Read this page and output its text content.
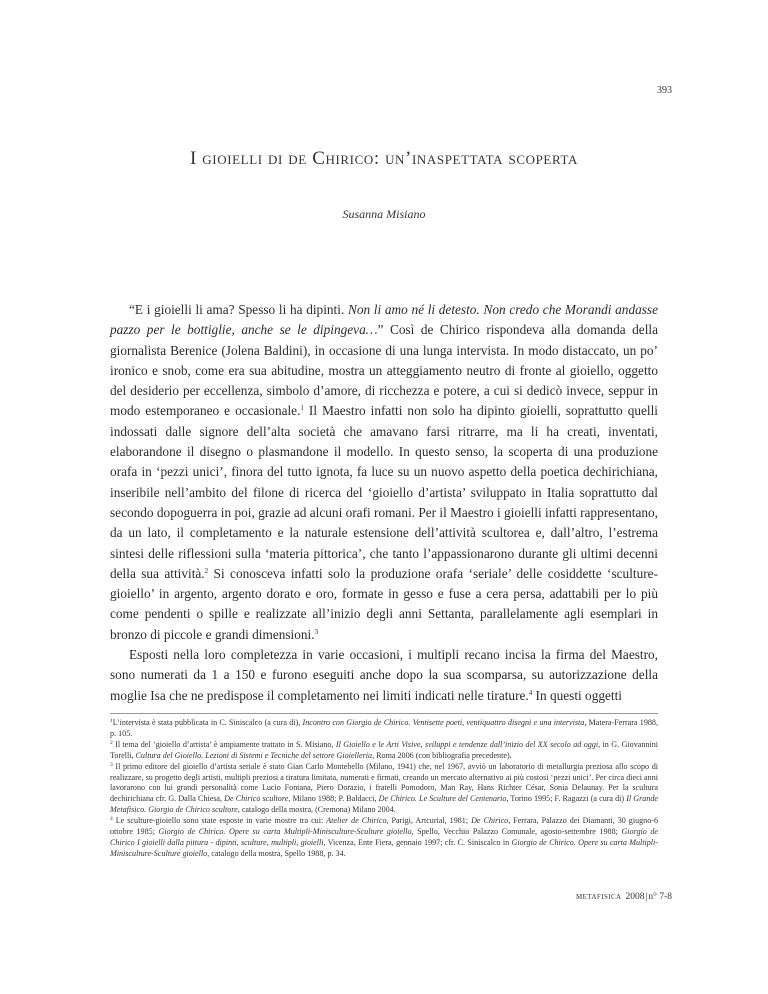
393
I gioielli di de Chirico: un’inaspettata scoperta
Susanna Misiano

“E i gioielli li ama? Spesso li ha dipinti. Non li amo né li detesto. Non credo che Morandi andasse pazzo per le bottiglie, anche se le dipingeva…” Così de Chirico rispondeva alla domanda della giornalista Berenice (Jolena Baldini), in occasione di una lunga intervista. In modo distaccato, un po’ ironico e snob, come era sua abitudine, mostra un atteggiamento neutro di fronte al gioiello, oggetto del desiderio per eccellenza, simbolo d’amore, di ricchezza e potere, a cui si dedicò invece, seppur in modo estemporaneo e occasionale.$^1$ Il Maestro infatti non solo ha dipinto gioielli, soprattutto quelli indossati dalle signore dell’alta società che amavano farsi ritrarre, ma li ha creati, inventati, elaborandone il disegno o plasmandone il modello. In questo senso, la scoperta di una produzione orafa in ‘pezzi unici’, finora del tutto ignota, fa luce su un nuovo aspetto della poetica dechirichiana, inseribile nell’ambito del filone di ricerca del ‘gioiello d’artista’ sviluppato in Italia soprattutto dal secondo dopoguerra in poi, grazie ad alcuni orafi romani. Per il Maestro i gioielli infatti rappresentano, da un lato, il completamento e la naturale estensione dell’attività scultorea e, dall’altro, l’estrema sintesi delle riflessioni sulla ‘materia pittorica’, che tanto l’appassionarono durante gli ultimi decenni della sua attività.$^2$ Si conosceva infatti solo la produzione orafa ‘seriale’ delle cosiddette ‘sculture-gioiello’ in argento, argento dorato e oro, formate in gesso e fuse a cera persa, adattabili per lo più come pendenti o spille e realizzate all’inizio degli anni Settanta, parallelamente agli esemplari in bronzo di piccole e grandi dimensioni.$^3$

Esposti nella loro completezza in varie occasioni, i multipli recano incisa la firma del Maestro, sono numerati da 1 a 150 e furono eseguiti anche dopo la sua scomparsa, su autorizzazione della moglie Isa che ne predispose il completamento nei limiti indicati nelle tirature.$^4$ In questi oggetti

$^1$L’intervista è stata pubblicata in C. Siniscalco (a cura di), Incontro con Giorgio de Chirico. Ventisette poeti, ventiquattro disegni e una intervista, Matera-Ferrara 1988, p. 105.

$^2$ Il tema del ‘gioiello d’artista’ è ampiamente trattato in S. Misiano, Il Gioiello e le Arti Visive, sviluppi e tendenze dall’inizio del XX secolo ad oggi, in G. Giovannini Torelli, Cultura del Gioiello. Lezioni di Sistemi e Tecniche del settore Gioielleria, Roma 2006 (con bibliografia precedente).

$^3$ Il primo editore del gioiello d’artista seriale è stato Gian Carlo Montebello (Milano, 1941) che, nel 1967, avviò un laboratorio di metallurgia preziosa allo scopo di realizzare, su progetto degli artisti, multipli preziosi a tiratura limitata, numerati e firmati, creando un mercato alternativo ai più costosi ‘pezzi unici’. Per circa dieci anni lavorarono con lui grandi personalità come Lucio Fontana, Piero Dorazio, i fratelli Pomodoro, Man Ray, Hans Richter César, Sonia Delaunay. Per la scultura dechirichiana cfr. G. Dalla Chiesa, De Chirico scultore, Milano 1988; P. Baldacci, De Chirico. Le Sculture del Centenario, Torino 1995; F. Ragazzi (a cura di) Il Grande Metafisico. Giorgio de Chirico scultore, catalogo della mostra, (Cremona) Milano 2004.

$^4$ Le sculture-gioiello sono state esposte in varie mostre tra cui: Atelier de Chirico, Parigi, Artcurial, 1981; De Chirico, Ferrara, Palazzo dei Diamanti, 30 giugno-6 ottobre 1985; Giorgio de Chirico. Opere su carta Multipli-Minisculture-Sculture gioiello, Spello, Vecchio Palazzo Comunale, agosto-settembre 1988; Giorgio de Chirico I gioielli dalla pittura - dipinti, sculture, multipli, gioielli, Vicenza, Ente Fiera, gennaio 1997; cfr. C. Siniscalco in Giorgio de Chirico. Opere su carta Multipli-Minisculture-Sculture gioiello, catalogo della mostra, Spello 1988, p. 34.

metafisica 2008|n° 7-8
